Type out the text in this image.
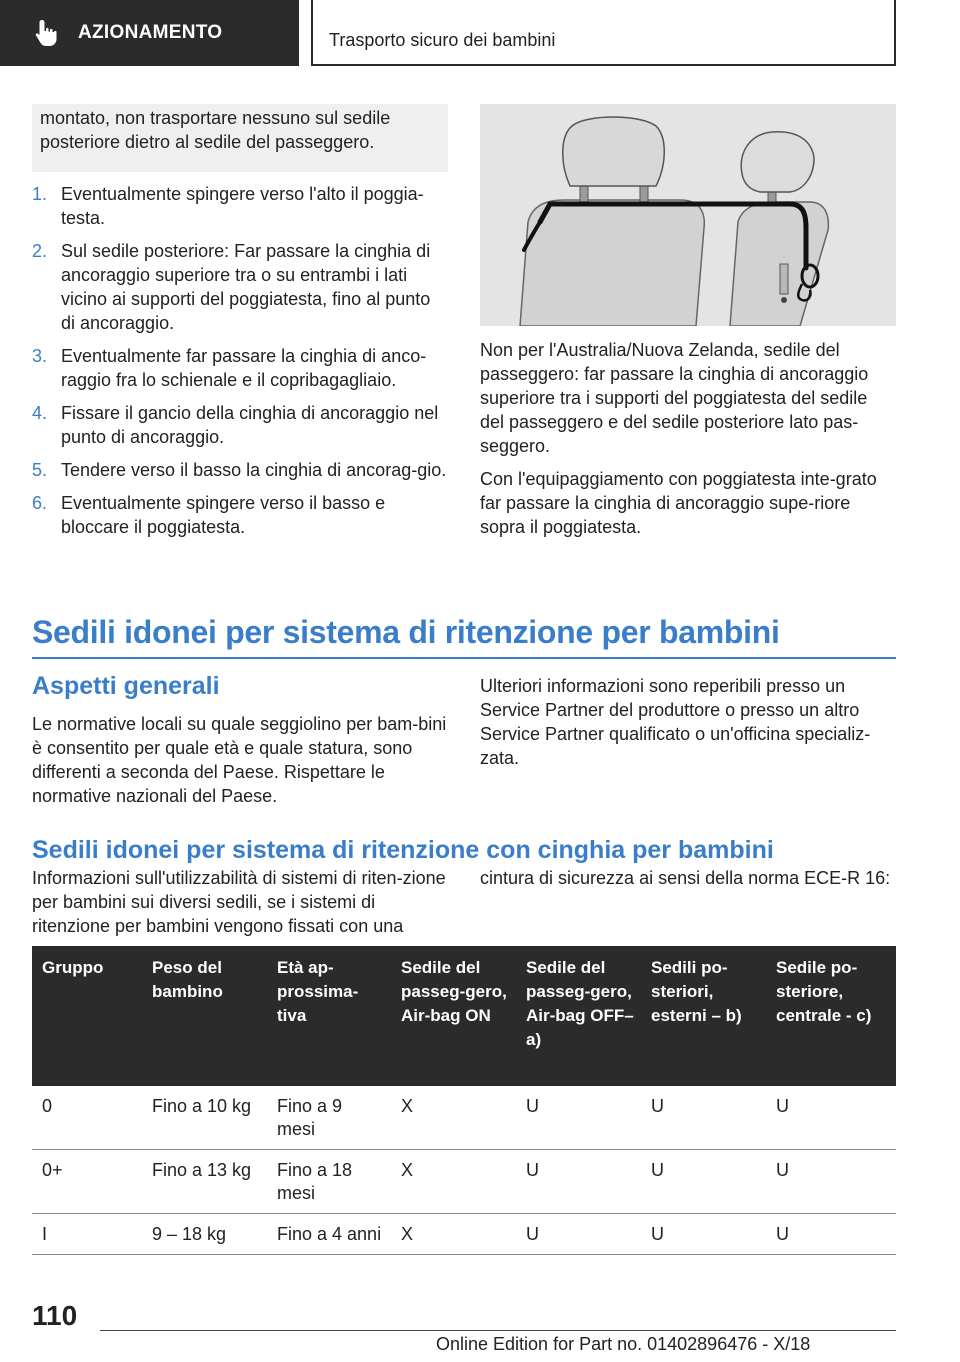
AZIONAMENTO	Trasporto sicuro dei bambini

montato, non trasportare nessuno sul sedile posteriore dietro al sedile del passeggero.

1. Eventualmente spingere verso l'alto il poggia-testa.
2. Sul sedile posteriore: Far passare la cinghia di ancoraggio superiore tra o su entrambi i lati vicino ai supporti del poggiatesta, fino al punto di ancoraggio.
3. Eventualmente far passare la cinghia di anco-raggio fra lo schienale e il copribagagliaio.
4. Fissare il gancio della cinghia di ancoraggio nel punto di ancoraggio.
5. Tendere verso il basso la cinghia di ancorag-gio.
6. Eventualmente spingere verso il basso e bloccare il poggiatesta.

Non per l'Australia/Nuova Zelanda, sedile del passeggero: far passare la cinghia di ancoraggio superiore tra i supporti del poggiatesta del sedile del passeggero e del sedile posteriore lato pas-seggero.

Con l'equipaggiamento con poggiatesta inte-grato far passare la cinghia di ancoraggio supe-riore sopra il poggiatesta.

Sedili idonei per sistema di ritenzione per bambini
Aspetti generali

Le normative locali su quale seggiolino per bam-bini è consentito per quale età e quale statura, sono differenti a seconda del Paese. Rispettare le normative nazionali del Paese.

Ulteriori informazioni sono reperibili presso un Service Partner del produttore o presso un altro Service Partner qualificato o un'officina specializ-zata.

Sedili idonei per sistema di ritenzione con cinghia per bambini

Informazioni sull'utilizzabilità di sistemi di riten-zione per bambini sui diversi sedili, se i sistemi di ritenzione per bambini vengono fissati con una

cintura di sicurezza ai sensi della norma ECE-R 16:

Gruppo	Peso del bambino	Età ap-prossima-tiva	Sedile del passeg-gero, Air-bag ON	Sedile del passeg-gero, Air-bag OFF–a)	Sedili po-steriori, esterni – b)	Sedile po-steriore, centrale - c)
0	Fino a 10 kg	Fino a 9 mesi	X	U	U	U
0+	Fino a 13 kg	Fino a 18 mesi	X	U	U	U
I	9 – 18 kg	Fino a 4 anni	X	U	U	U
110
Online Edition for Part no. 01402896476 - X/18
